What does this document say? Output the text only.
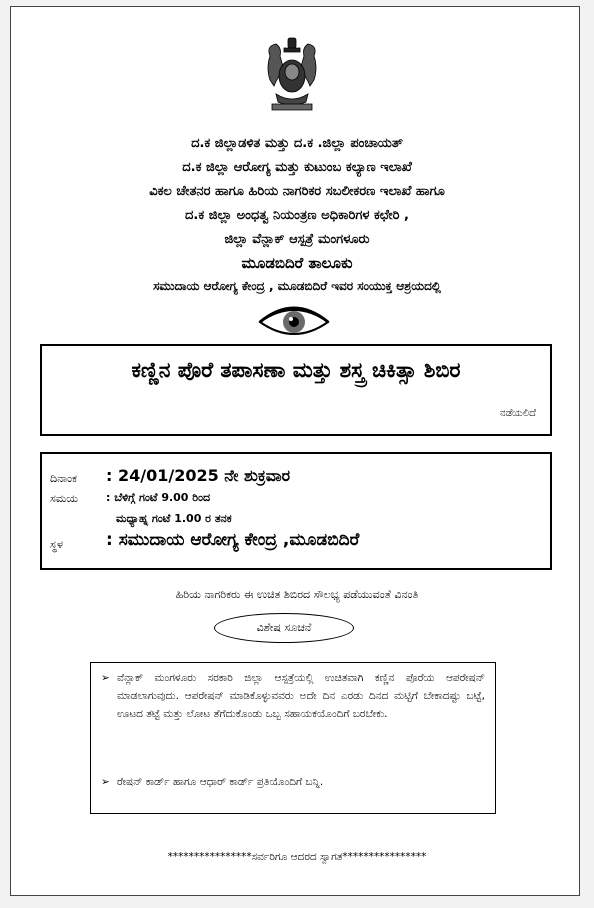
ದ.ಕ ಜಿಲ್ಲಾಡಳಿತ ಮತ್ತು ದ.ಕ .ಜಿಲ್ಲಾ ಪಂಚಾಯತ್
ದ.ಕ ಜಿಲ್ಲಾ ಆರೋಗ್ಯ ಮತ್ತು ಕುಟುಂಬ ಕಲ್ಯಾಣ ಇಲಾಖೆ
ವಿಕಲ ಚೇತನರ ಹಾಗೂ ಹಿರಿಯ ನಾಗರಿಕರ ಸಬಲೀಕರಣ ಇಲಾಖೆ ಹಾಗೂ
ದ.ಕ ಜಿಲ್ಲಾ ಅಂಧತ್ವ ನಿಯಂತ್ರಣ ಅಧಿಕಾರಿಗಳ ಕಛೇರಿ ,
ಜಿಲ್ಲಾ ವೆನ್ಲಾಕ್ ಆಸ್ಪತ್ರೆ ಮಂಗಳೂರು
ಮೂಡಬಿದಿರೆ ತಾಲೂಕು
ಸಮುದಾಯ ಆರೋಗ್ಯ ಕೇಂದ್ರ , ಮೂಡಬಿದಿರೆ ಇವರ ಸಂಯುಕ್ತ ಆಶ್ರಯದಲ್ಲಿ
ಕಣ್ಣಿನ ಪೊರೆ ತಪಾಸಣಾ ಮತ್ತು ಶಸ್ತ್ರ ಚಿಕಿತ್ಸಾ ಶಿಬಿರ
ನಡೆಯಲಿದೆ
ದಿನಾಂಕ : 24/01/2025 ನೇ ಶುಕ್ರವಾರ
ಸಮಯ	: ಬೆಳಿಗ್ಗೆ ಗಂಟೆ 9.00 ರಿಂದ
ಮಧ್ಯಾಹ್ನ ಗಂಟೆ 1.00 ರ ತನಕ
ಸ್ಥಳ	: ಸಮುದಾಯ ಆರೋಗ್ಯ ಕೇಂದ್ರ ,ಮೂಡಬಿದಿರೆ
ಹಿರಿಯ ನಾಗರಿಕರು ಈ ಉಚಿತ ಶಿಬಿರದ ಸೌಲಭ್ಯ ಪಡೆಯುವಂತೆ ವಿನಂತಿ
ವಿಶೇಷ ಸೂಚನೆ
➢ ವೆನ್ಲಾಕ್ ಮಂಗಳೂರು ಸರಕಾರಿ ಜಿಲ್ಲಾ ಆಸ್ಪತ್ರೆಯಲ್ಲಿ ಉಚಿತವಾಗಿ ಕಣ್ಣಿನ ಪೊರೆಯ ಆಪರೇಷನ್ ಮಾಡಲಾಗುವುದು. ಆಪರೇಷನ್ ಮಾಡಿಕೊಳ್ಳುವವರು ಅದೇ ದಿನ ಎರಡು ದಿನದ ಮಟ್ಟಿಗೆ ಬೇಕಾದಷ್ಟು ಬಟ್ಟೆ, ಊಟದ ತಟ್ಟೆ ಮತ್ತು ಲೋಟ ತೆಗೆದುಕೊಂಡು ಒಬ್ಬ ಸಹಾಯಕಯೊಂದಿಗೆ ಬರಬೇಕು.
➢ ರೇಷನ್ ಕಾರ್ಡ್ ಹಾಗೂ ಆಧಾರ್ ಕಾರ್ಡ್ ಪ್ರತಿಯೊಂದಿಗೆ ಬನ್ನಿ.
****************ಸರ್ವರಿಗೂ ಆದರದ ಸ್ವಾಗತ****************
